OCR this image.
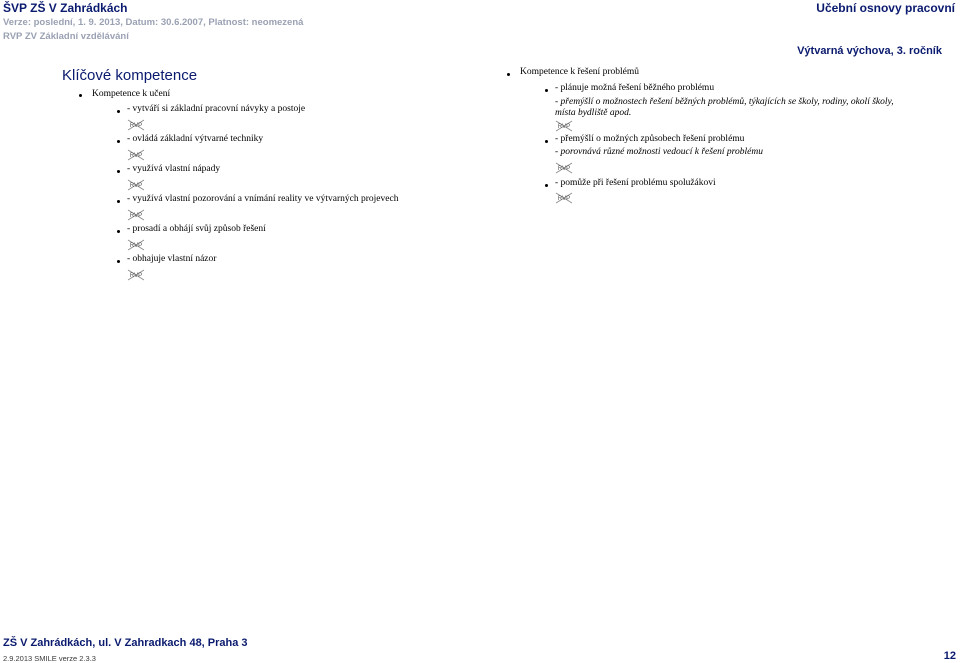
ŠVP ZŠ V Zahrádkách
Verze: poslední, 1. 9. 2013, Datum: 30.6.2007, Platnost: neomezená
RVP ZV Základní vzdělávání
Učební osnovy pracovní
Výtvarná výchova, 3. ročník
Klíčové kompetence
Kompetence k učení
- vytváří si základní pracovní návyky a postoje
RVP
- ovládá základní výtvarné techniky
RVP
- využívá vlastní nápady
RVP
- využívá vlastní pozorování a vnímání reality ve výtvarných projevech
RVP
- prosadí a obhájí svůj způsob řešení
RVP
- obhajuje vlastní názor
RVP
Kompetence k řešení problémů
- plánuje možná řešení běžného problému
- přemýšlí o možnostech řešení běžných problémů, týkajících se školy, rodiny, okolí školy,
místa bydliště apod.
RVP
- přemýšlí o možných způsobech řešení problému
- porovnává různé možnosti vedoucí k řešení problému
RVP
- pomůže při řešení problému spolužákovi
RVP
ZŠ V Zahrádkách, ul. V Zahradkach 48, Praha 3
2.9.2013 SMILE verze 2.3.3	12
